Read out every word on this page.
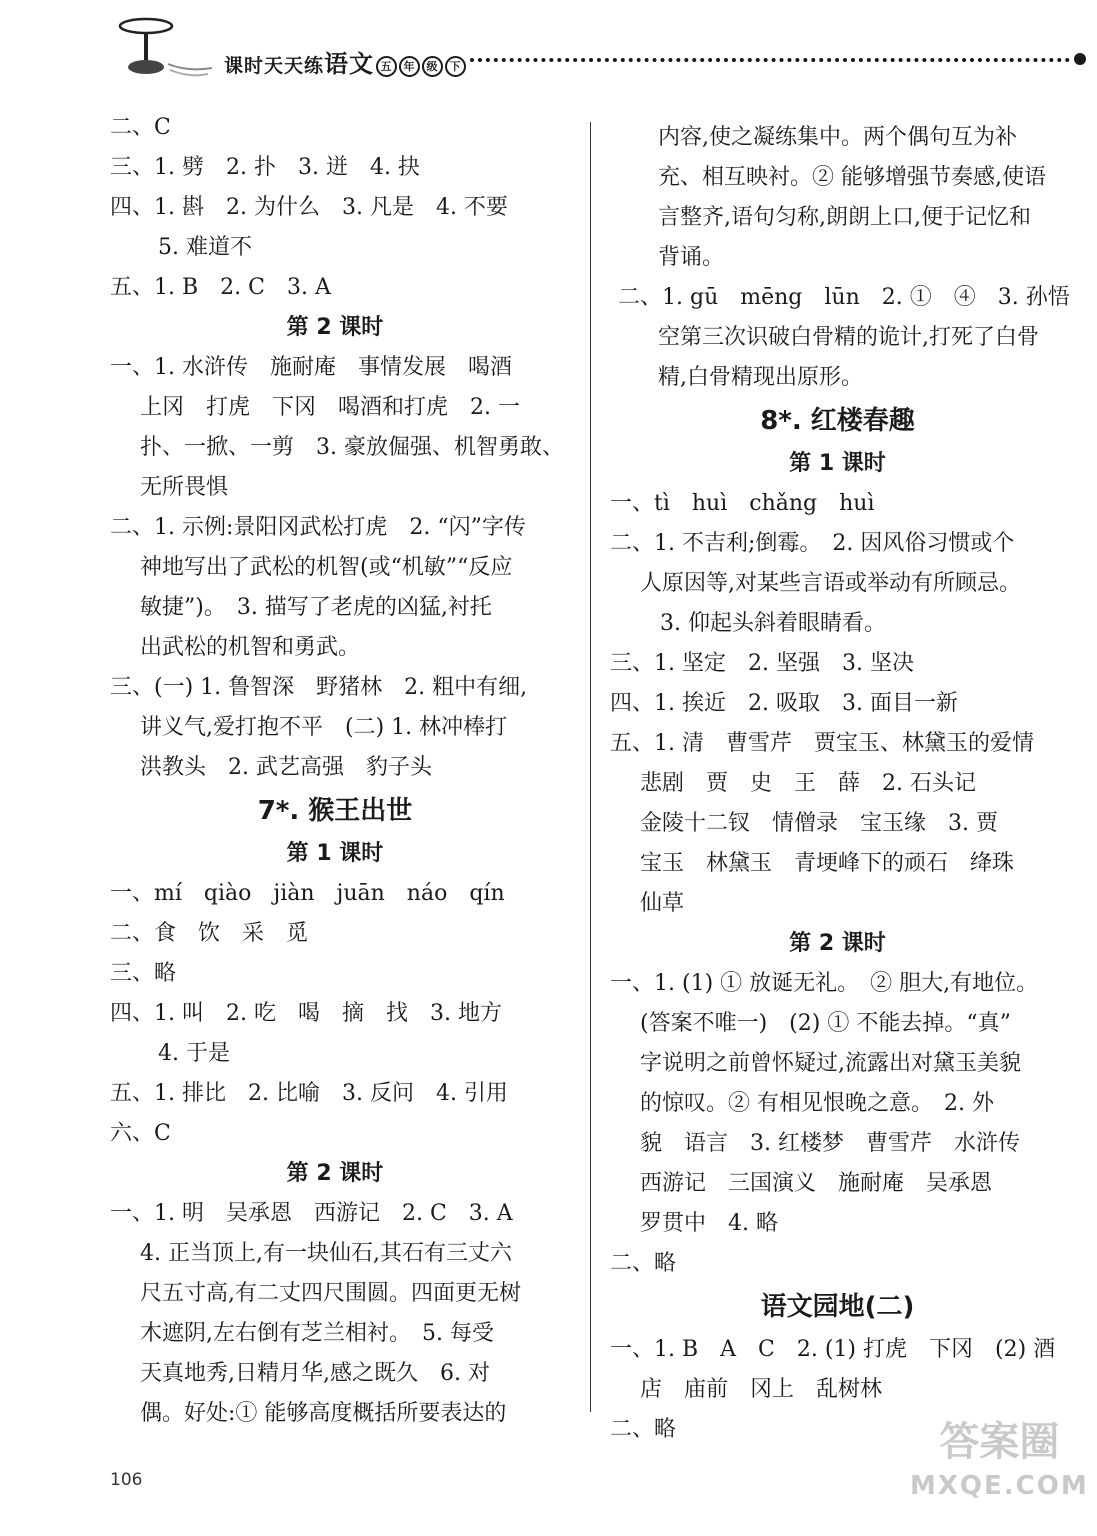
课时天天练语文 五 年 级 下
二、C
三、1. 劈　2. 扑　3. 迸　4. 抉
四、1. 斟　2. 为什么　3. 凡是　4. 不要
5. 难道不
五、1. B　2. C　3. A
第 2 课时
一、1. 水浒传　施耐庵　事情发展　喝酒
上冈　打虎　下冈　喝酒和打虎　2. 一
扑、一掀、一剪　3. 豪放倔强、机智勇敢、
无所畏惧
二、1. 示例:景阳冈武松打虎　2. “闪”字传
神地写出了武松的机智(或“机敏”“反应
敏捷”)。　3. 描写了老虎的凶猛,衬托
出武松的机智和勇武。
三、(一) 1. 鲁智深　野猪林　2. 粗中有细,
讲义气,爱打抱不平　(二) 1. 林冲棒打
洪教头　2. 武艺高强　豹子头
7*. 猴王出世
第 1 课时
一、mí　qiào　jiàn　juān　náo　qín
二、食　饮　采　觅
三、略
四、1. 叫　2. 吃　喝　摘　找　3. 地方
4. 于是
五、1. 排比　2. 比喻　3. 反问　4. 引用
六、C
第 2 课时
一、1. 明　吴承恩　西游记　2. C　3. A
4. 正当顶上,有一块仙石,其石有三丈六
尺五寸高,有二丈四尺围圆。四面更无树
木遮阴,左右倒有芝兰相衬。　5. 每受
天真地秀,日精月华,感之既久　6. 对
偶。好处:① 能够高度概括所要表达的
内容,使之凝练集中。两个偶句互为补
充、相互映衬。② 能够增强节奏感,使语
言整齐,语句匀称,朗朗上口,便于记忆和
背诵。
二、1. gū　mēng　lūn　2. ①　④　3. 孙悟
空第三次识破白骨精的诡计,打死了白骨
精,白骨精现出原形。
8*. 红楼春趣
第 1 课时
一、tì　huì　chǎng　huì
二、1. 不吉利;倒霉。　2. 因风俗习惯或个
人原因等,对某些言语或举动有所顾忌。
3. 仰起头斜着眼睛看。
三、1. 坚定　2. 坚强　3. 坚决
四、1. 挨近　2. 吸取　3. 面目一新
五、1. 清　曹雪芹　贾宝玉、林黛玉的爱情
悲剧　贾　史　王　薛　2. 石头记
金陵十二钗　情僧录　宝玉缘　3. 贾
宝玉　林黛玉　青埂峰下的顽石　绛珠
仙草
第 2 课时
一、1. (1) ① 放诞无礼。　② 胆大,有地位。
(答案不唯一)　(2) ① 不能去掉。“真”
字说明之前曾怀疑过,流露出对黛玉美貌
的惊叹。② 有相见恨晚之意。　2. 外
貌　语言　3. 红楼梦　曹雪芹　水浒传
西游记　三国演义　施耐庵　吴承恩
罗贯中　4. 略
二、略
语文园地(二)
一、1. B　A　C　2. (1) 打虎　下冈　(2) 酒
店　庙前　冈上　乱树林
二、略
106
答案圈
MXQE.COM
